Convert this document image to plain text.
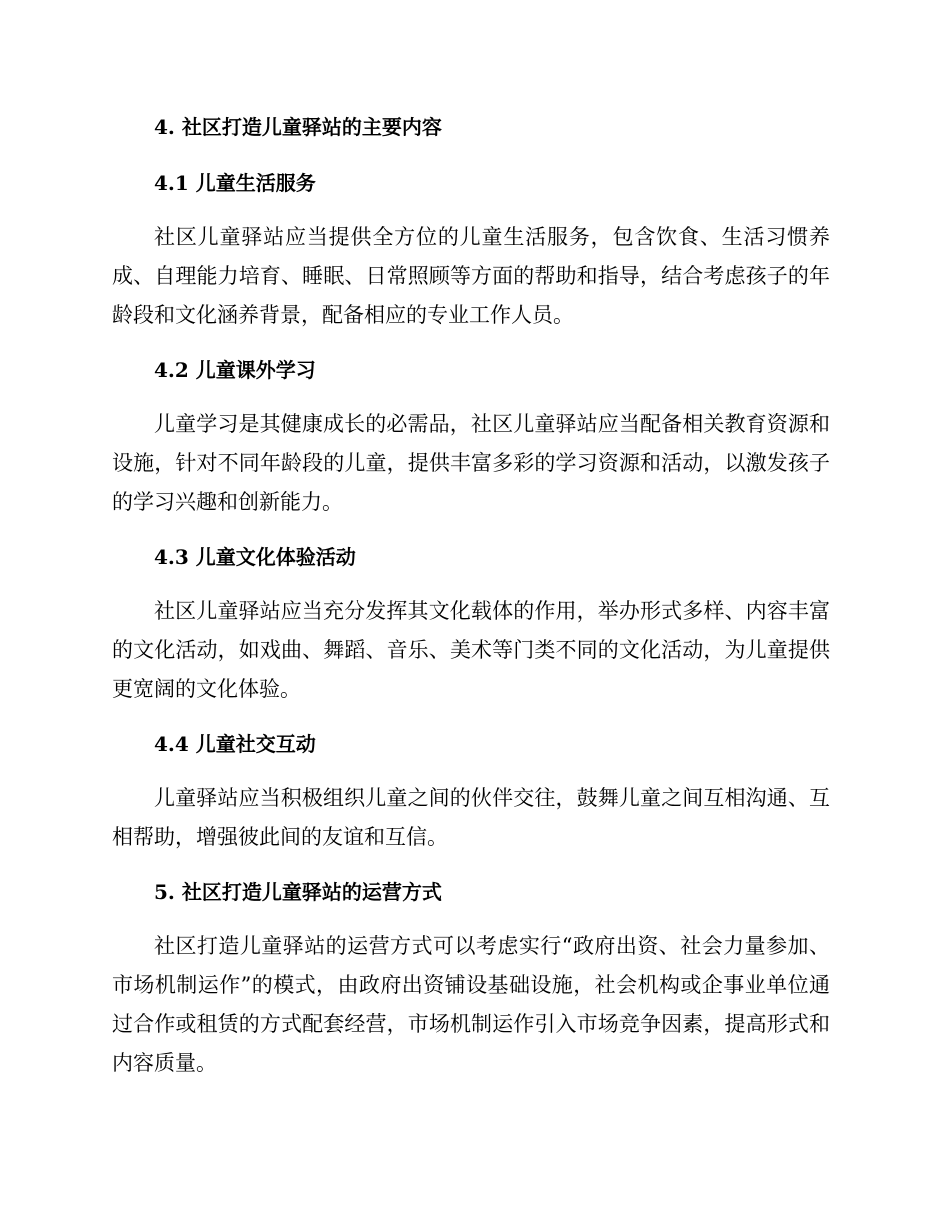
4. 社区打造儿童驿站的主要内容
4.1 儿童生活服务

社区儿童驿站应当提供全方位的儿童生活服务，包含饮食、生活习惯养成、自理能力培育、睡眠、日常照顾等方面的帮助和指导，结合考虑孩子的年龄段和文化涵养背景，配备相应的专业工作人员。

4.2 儿童课外学习

儿童学习是其健康成长的必需品，社区儿童驿站应当配备相关教育资源和设施，针对不同年龄段的儿童，提供丰富多彩的学习资源和活动，以激发孩子的学习兴趣和创新能力。

4.3 儿童文化体验活动

社区儿童驿站应当充分发挥其文化载体的作用，举办形式多样、内容丰富的文化活动，如戏曲、舞蹈、音乐、美术等门类不同的文化活动，为儿童提供更宽阔的文化体验。

4.4 儿童社交互动

儿童驿站应当积极组织儿童之间的伙伴交往，鼓舞儿童之间互相沟通、互相帮助，增强彼此间的友谊和互信。

5. 社区打造儿童驿站的运营方式

社区打造儿童驿站的运营方式可以考虑实行“政府出资、社会力量参加、市场机制运作”的模式，由政府出资铺设基础设施，社会机构或企事业单位通过合作或租赁的方式配套经营，市场机制运作引入市场竞争因素，提高形式和内容质量。
